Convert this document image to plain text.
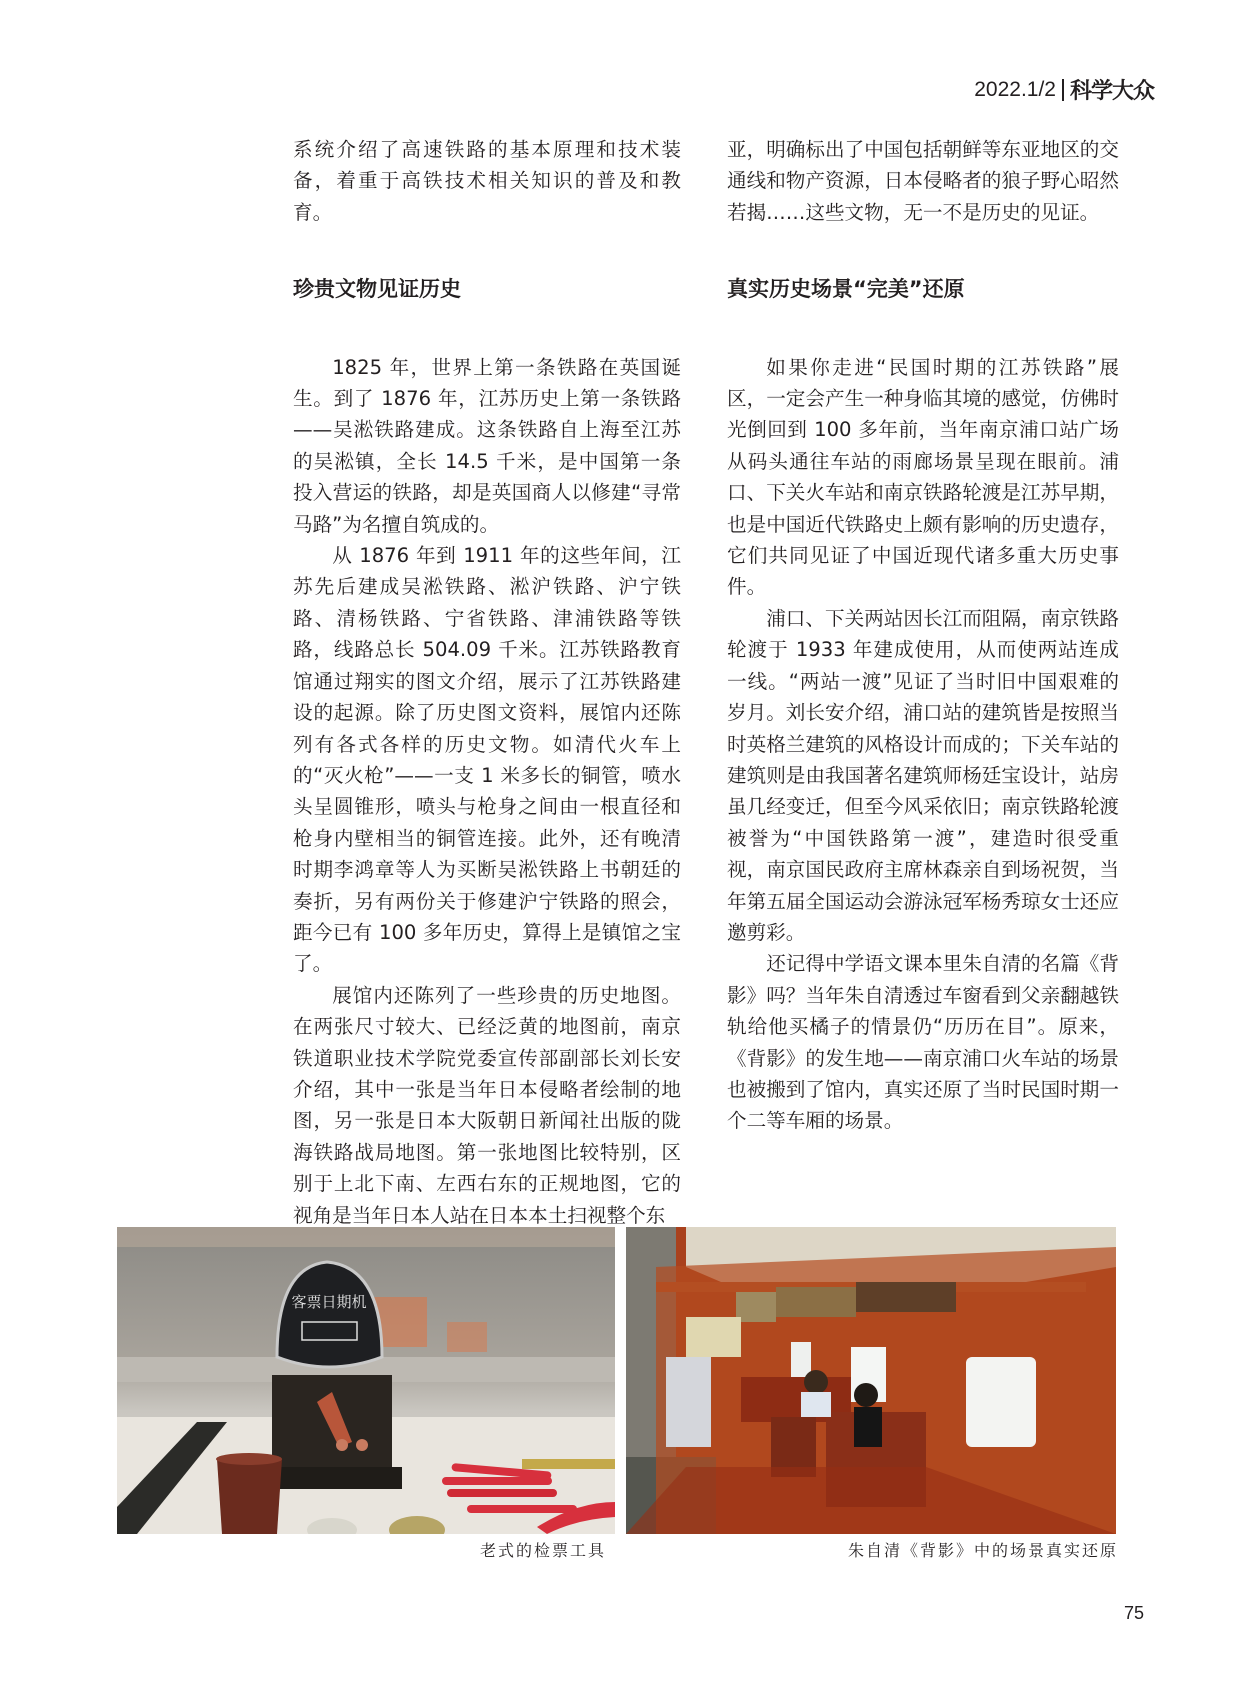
2022.1/2 科学大众

系统介绍了高速铁路的基本原理和技术装备，着重于高铁技术相关知识的普及和教育。

珍贵文物见证历史

1825 年，世界上第一条铁路在英国诞生。到了 1876 年，江苏历史上第一条铁路——吴淞铁路建成。这条铁路自上海至江苏的吴淞镇，全长 14.5 千米，是中国第一条投入营运的铁路，却是英国商人以修建“寻常马路”为名擅自筑成的。

从 1876 年到 1911 年的这些年间，江苏先后建成吴淞铁路、淞沪铁路、沪宁铁路、清杨铁路、宁省铁路、津浦铁路等铁路，线路总长 504.09 千米。江苏铁路教育馆通过翔实的图文介绍，展示了江苏铁路建设的起源。除了历史图文资料，展馆内还陈列有各式各样的历史文物。如清代火车上的“灭火枪”——一支 1 米多长的铜管，喷水头呈圆锥形，喷头与枪身之间由一根直径和枪身内壁相当的铜管连接。此外，还有晚清时期李鸿章等人为买断吴淞铁路上书朝廷的奏折，另有两份关于修建沪宁铁路的照会，距今已有 100 多年历史，算得上是镇馆之宝了。

展馆内还陈列了一些珍贵的历史地图。在两张尺寸较大、已经泛黄的地图前，南京铁道职业技术学院党委宣传部副部长刘长安介绍，其中一张是当年日本侵略者绘制的地图，另一张是日本大阪朝日新闻社出版的陇海铁路战局地图。第一张地图比较特别，区别于上北下南、左西右东的正规地图，它的视角是当年日本人站在日本本土扫视整个东

亚，明确标出了中国包括朝鲜等东亚地区的交通线和物产资源，日本侵略者的狼子野心昭然若揭……这些文物，无一不是历史的见证。

真实历史场景“完美”还原

如果你走进“民国时期的江苏铁路”展区，一定会产生一种身临其境的感觉，仿佛时光倒回到 100 多年前，当年南京浦口站广场从码头通往车站的雨廊场景呈现在眼前。浦口、下关火车站和南京铁路轮渡是江苏早期，也是中国近代铁路史上颇有影响的历史遗存，它们共同见证了中国近现代诸多重大历史事件。

浦口、下关两站因长江而阻隔，南京铁路轮渡于 1933 年建成使用，从而使两站连成一线。“两站一渡”见证了当时旧中国艰难的岁月。刘长安介绍，浦口站的建筑皆是按照当时英格兰建筑的风格设计而成的；下关车站的建筑则是由我国著名建筑师杨廷宝设计，站房虽几经变迁，但至今风采依旧；南京铁路轮渡被誉为“中国铁路第一渡”，建造时很受重视，南京国民政府主席林森亲自到场祝贺，当年第五届全国运动会游泳冠军杨秀琼女士还应邀剪彩。

还记得中学语文课本里朱自清的名篇《背影》吗？当年朱自清透过车窗看到父亲翻越铁轨给他买橘子的情景仍“历历在目”。原来，《背影》的发生地——南京浦口火车站的场景也被搬到了馆内，真实还原了当时民国时期一个二等车厢的场景。

客票日期机
老式的检票工具	朱自清《背影》中的场景真实还原
75
